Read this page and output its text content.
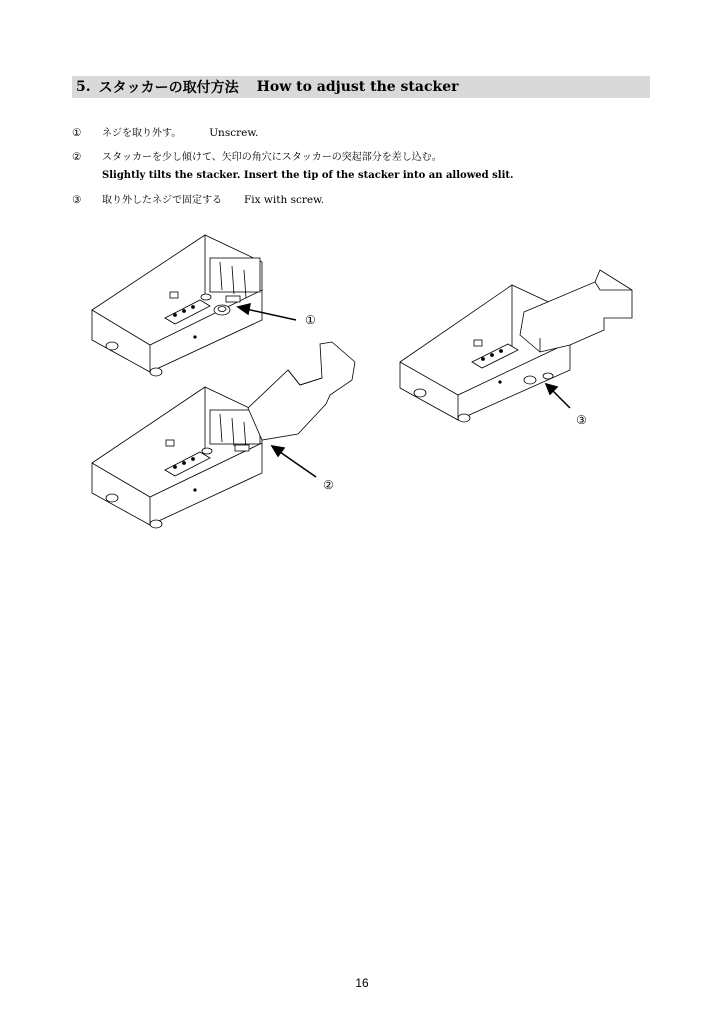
5. スタッカーの取付方法 How to adjust the stacker
①	ネジを取り外す。	Unscrew.
②	スタッカーを少し傾けて、矢印の角穴にスタッカーの突起部分を差し込む。
Slightly tilts the stacker. Insert the tip of the stacker into an allowed slit.
③	取り外したネジで固定する Fix with screw.
①
②
③
16
